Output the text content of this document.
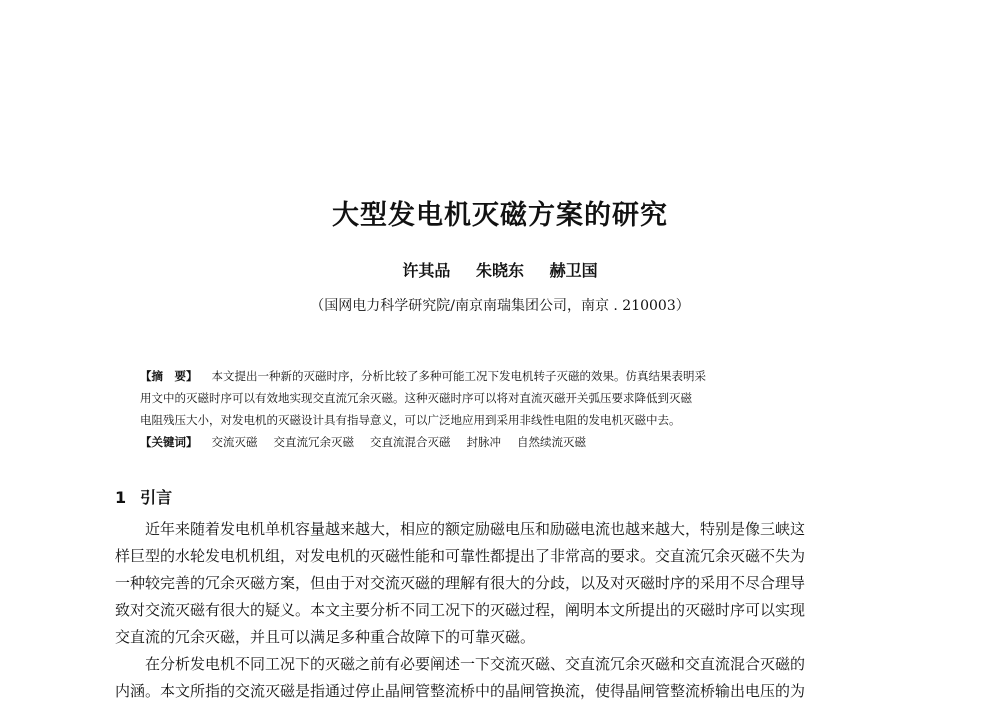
大型发电机灭磁方案的研究
许其品 朱晓东 赫卫国
（国网电力科学研究院/南京南瑞集团公司，南京 . 210003）
【摘　要】 本文提出一种新的灭磁时序，分析比较了多种可能工况下发电机转子灭磁的效果。仿真结果表明采
用文中的灭磁时序可以有效地实现交直流冗余灭磁。这种灭磁时序可以将对直流灭磁开关弧压要求降低到灭磁
电阻残压大小，对发电机的灭磁设计具有指导意义，可以广泛地应用到采用非线性电阻的发电机灭磁中去。
【关键词】 交流灭磁 交直流冗余灭磁 交直流混合灭磁 封脉冲 自然续流灭磁
1 引言
近年来随着发电机单机容量越来越大，相应的额定励磁电压和励磁电流也越来越大，特别是像三峡这
样巨型的水轮发电机机组，对发电机的灭磁性能和可靠性都提出了非常高的要求。交直流冗余灭磁不失为
一种较完善的冗余灭磁方案，但由于对交流灭磁的理解有很大的分歧，以及对灭磁时序的采用不尽合理导
致对交流灭磁有很大的疑义。本文主要分析不同工况下的灭磁过程，阐明本文所提出的灭磁时序可以实现
交直流的冗余灭磁，并且可以满足多种重合故障下的可靠灭磁。
在分析发电机不同工况下的灭磁之前有必要阐述一下交流灭磁、交直流冗余灭磁和交直流混合灭磁的
内涵。本文所指的交流灭磁是指通过停止晶闸管整流桥中的晶闸管换流，使得晶闸管整流桥输出电压的为
